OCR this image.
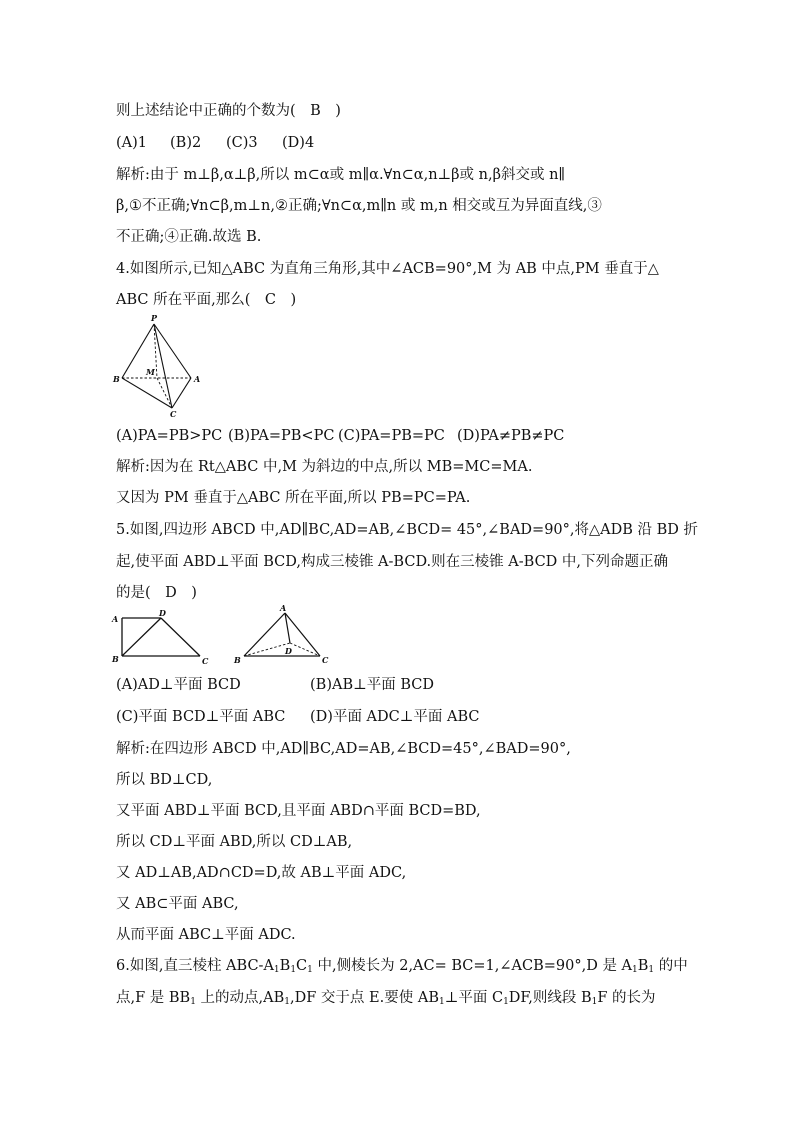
则上述结论中正确的个数为(　B　)
(A)1 (B)2 (C)3 (D)4
解析:由于 m⊥β,α⊥β,所以 m⊂α或 m∥α.∀n⊂α,n⊥β或 n,β斜交或 n∥
β,①不正确;∀n⊂β,m⊥n,②正确;∀n⊂α,m∥n 或 m,n 相交或互为异面直线,③
不正确;④正确.故选 B.
4.如图所示,已知△ABC 为直角三角形,其中∠ACB=90°,M 为 AB 中点,PM 垂直于△
ABC 所在平面,那么(　C　)
P
B	A
C
M
(A)PA=PB>PC (B)PA=PB<PC (C)PA=PB=PC (D)PA≠PB≠PC
解析:因为在 Rt△ABC 中,M 为斜边的中点,所以 MB=MC=MA.
又因为 PM 垂直于△ABC 所在平面,所以 PB=PC=PA.
5.如图,四边形 ABCD 中,AD∥BC,AD=AB,∠BCD= 45°,∠BAD=90°,将△ADB 沿 BD 折
起,使平面 ABD⊥平面 BCD,构成三棱锥 A-BCD.则在三棱锥 A-BCD 中,下列命题正确
的是(　D　)
A
D
B	C
A
D
B	C
(A)AD⊥平面 BCD	(B)AB⊥平面 BCD
(C)平面 BCD⊥平面 ABC (D)平面 ADC⊥平面 ABC
解析:在四边形 ABCD 中,AD∥BC,AD=AB,∠BCD=45°,∠BAD=90°,
所以 BD⊥CD,
又平面 ABD⊥平面 BCD,且平面 ABD∩平面 BCD=BD,
所以 CD⊥平面 ABD,所以 CD⊥AB,
又 AD⊥AB,AD∩CD=D,故 AB⊥平面 ADC,
又 AB⊂平面 ABC,
从而平面 ABC⊥平面 ADC.
6.如图,直三棱柱 ABC-$A_1B_1C_1$ 中,侧棱长为 2,AC= BC=1,∠ACB=90°,D 是 $A_1B_1$ 的中
点,F 是 $BB_1$ 上的动点$,AB_1,DF$ 交于点 E.要使 $AB_1\perp$平面 $C_1DF$,则线段 $B_1F$ 的长为
